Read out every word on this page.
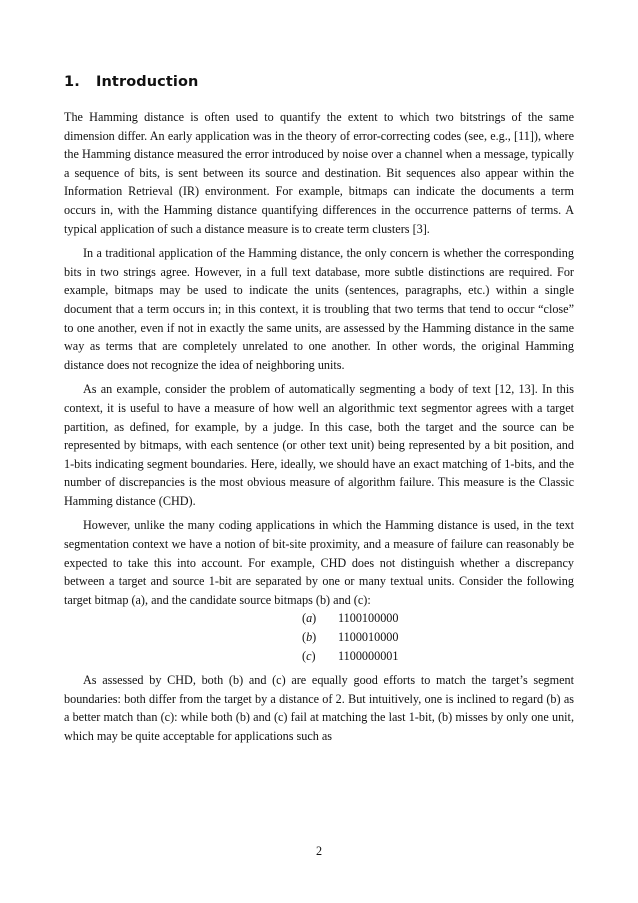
1. Introduction

The Hamming distance is often used to quantify the extent to which two bitstrings of the same dimension differ. An early application was in the theory of error-correcting codes (see, e.g., [11]), where the Hamming distance measured the error introduced by noise over a channel when a message, typically a sequence of bits, is sent between its source and destination. Bit sequences also appear within the Information Retrieval (IR) environment. For example, bitmaps can indicate the documents a term occurs in, with the Hamming distance quantifying differences in the occurrence patterns of terms. A typical application of such a distance measure is to create term clusters [3].

In a traditional application of the Hamming distance, the only concern is whether the corresponding bits in two strings agree. However, in a full text database, more subtle distinctions are required. For example, bitmaps may be used to indicate the units (sentences, paragraphs, etc.) within a single document that a term occurs in; in this context, it is troubling that two terms that tend to occur “close” to one another, even if not in exactly the same units, are assessed by the Hamming distance in the same way as terms that are completely unrelated to one another. In other words, the original Hamming distance does not recognize the idea of neighboring units.

As an example, consider the problem of automatically segmenting a body of text [12, 13]. In this context, it is useful to have a measure of how well an algorithmic text segmentor agrees with a target partition, as defined, for example, by a judge. In this case, both the target and the source can be represented by bitmaps, with each sentence (or other text unit) being represented by a bit position, and 1-bits indicating segment boundaries. Here, ideally, we should have an exact matching of 1-bits, and the number of discrepancies is the most obvious measure of algorithm failure. This measure is the Classic Hamming distance (CHD).

However, unlike the many coding applications in which the Hamming distance is used, in the text segmentation context we have a notion of bit-site proximity, and a measure of failure can reasonably be expected to take this into account. For example, CHD does not distinguish whether a discrepancy between a target and source 1-bit are separated by one or many textual units. Consider the following target bitmap (a), and the candidate source bitmaps (b) and (c):

(a) 1100100000
(b) 1100010000
(c) 1100000001

As assessed by CHD, both (b) and (c) are equally good efforts to match the target’s segment boundaries: both differ from the target by a distance of 2. But intuitively, one is inclined to regard (b) as a better match than (c): while both (b) and (c) fail at matching the last 1-bit, (b) misses by only one unit, which may be quite acceptable for applications such as

2
